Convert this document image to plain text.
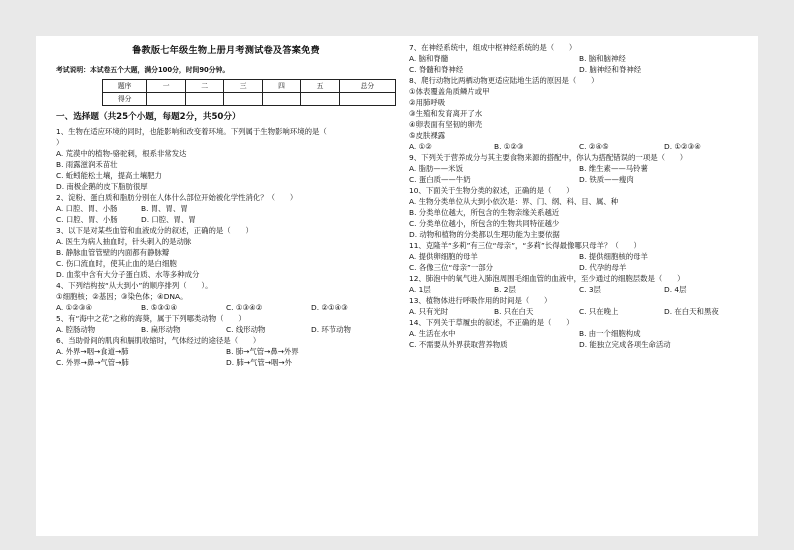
鲁教版七年级生物上册月考测试卷及答案免费
考试说明：本试卷五个大题，满分100分，时间90分钟。
题序	一	二	三	四	五	总分
得分						
一、选择题（共25个小题，每题2分，共50分）

1、生物在适应环境的同时，也能影响和改变着环境。下列属于生物影响环境的是（

）

A. 荒漠中的植物-骆驼刺，根系非常发达

B. 雨露滋润禾苗壮

C. 蚯蚓能松土壤，提高土壤肥力

D. 南极企鹅的皮下脂肪很厚

2、淀粉、蛋白质和脂肪分别在人体什么部位开始被化学性消化？（　　）

A. 口腔、胃、小肠	B. 胃、胃、胃
C. 口腔、胃、小肠	D. 口腔、胃、胃

3、以下是对某些血管和血液成分的叙述，正确的是（　　）

A. 医生为病人抽血时，针头刺入的是动脉

B. 静脉血管管壁的内面都有静脉瓣

C. 伤口流血时，使其止血的是白细胞

D. 血浆中含有大分子蛋白质、水等多种成分

4、下列结构按“从大到小”的顺序排列（　　）。

①细胞核；②基因；③染色体；④DNA。

A. ①②③④	B. ⑤③①④	C. ①③④②	D. ②①④③

5、有“海中之花”之称的海葵，属于下列哪类动物（　　）

A. 腔肠动物	B. 扁形动物	C. 线形动物	D. 环节动物

6、当助骨间的肌肉和膈肌收缩时，气体经过的途径是（　　）

A. 外界→咽→食道→肺	B. 肺→气管→鼻→外界
C. 外界→鼻→气管→肺	D. 肺→气管→咽→外

7、在神经系统中，组成中枢神经系统的是（　　）

A. 脑和脊髓	B. 脑和脑神经
C. 脊髓和脊神经	D. 脑神经和脊神经

8、爬行动物比两栖动物更适应陆地生活的原因是（　　）

①体表覆盖角质鳞片或甲

②用肺呼吸

③生殖和发育离开了水

④卵表面有坚韧的卵壳

⑤皮肤裸露

A. ①②	B. ①②③	C. ②④⑤	D. ①②③④

9、下列关于营养成分与其主要食物来源的搭配中，你认为搭配错误的一项是（　　）

A. 脂肪——米饭	B. 维生素——马铃薯
C. 蛋白质——牛奶	D. 铁质——瘦肉

10、下面关于生物分类的叙述，正确的是（　　）

A. 生物分类单位从大到小依次是：界、门、纲、科、目、属、种

B. 分类单位越大，所包含的生物亲缘关系越近

C. 分类单位越小，所包含的生物共同特征越少

D. 动物和植物的分类都以生理功能为主要依据

11、克隆羊“多莉”有三位“母亲”，“多莉”长得最像哪只母羊？（　　）

A. 提供卵细胞的母羊	B. 提供细胞核的母羊
C. 各像三位“母亲”一部分	D. 代孕的母羊

12、肺泡中的氧气进入肺泡周围毛细血管的血液中，至少通过的细胞层数是（　　）

A. 1层	B. 2层	C. 3层	D. 4层

13、植物体进行呼吸作用的时间是（　　）

A. 只有光时	B. 只在白天	C. 只在晚上	D. 在白天和黑夜

14、下列关于草履虫的叙述，不正确的是（　　）

A. 生活在水中	B. 由一个细胞构成
C. 不需要从外界获取营养物质	D. 能独立完成各项生命活动
